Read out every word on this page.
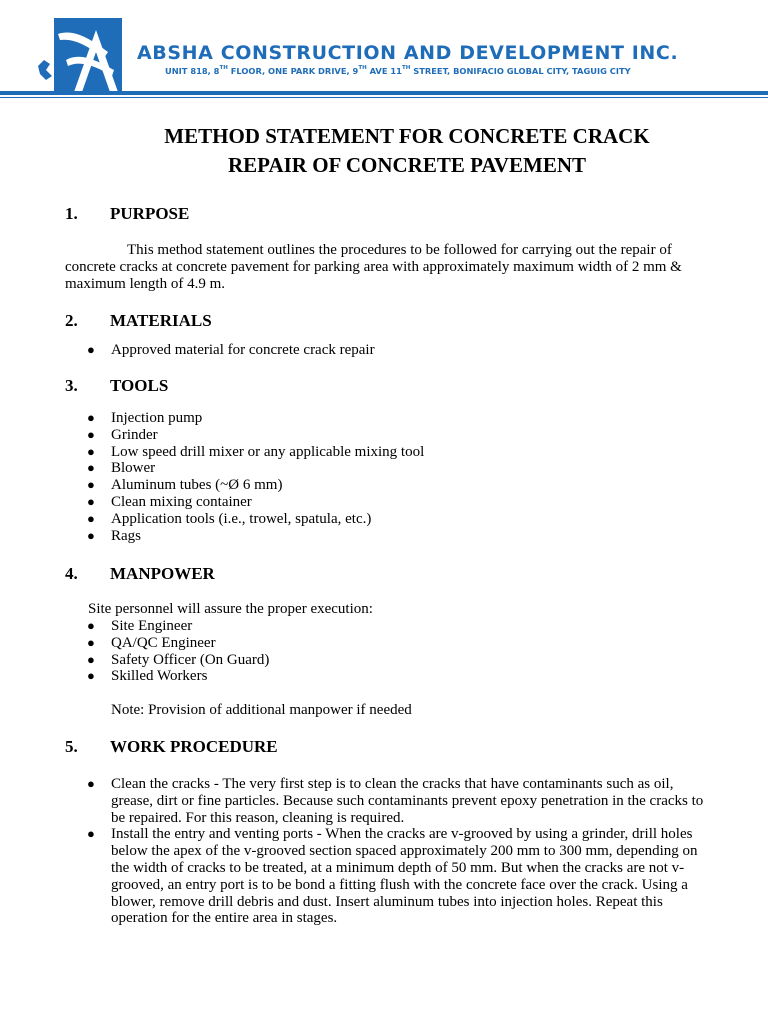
ABSHA CONSTRUCTION AND DEVELOPMENT INC.
UNIT 818, 8TH FLOOR, ONE PARK DRIVE, 9TH AVE 11TH STREET, BONIFACIO GLOBAL CITY, TAGUIG CITY
METHOD STATEMENT FOR CONCRETE CRACK
REPAIR OF CONCRETE PAVEMENT
1. PURPOSE
This method statement outlines the procedures to be followed for carrying out the repair of concrete cracks at concrete pavement for parking area with approximately maximum width of 2 mm & maximum length of 4.9 m.
2. MATERIALS
● Approved material for concrete crack repair
3. TOOLS
● Injection pump
● Grinder
● Low speed drill mixer or any applicable mixing tool
● Blower
● Aluminum tubes (~Ø 6 mm)
● Clean mixing container
● Application tools (i.e., trowel, spatula, etc.)
● Rags
4. MANPOWER
Site personnel will assure the proper execution:
● Site Engineer
● QA/QC Engineer
● Safety Officer (On Guard)
● Skilled Workers
Note: Provision of additional manpower if needed
5. WORK PROCEDURE
● Clean the cracks - The very first step is to clean the cracks that have contaminants such as oil, grease, dirt or fine particles. Because such contaminants prevent epoxy penetration in the cracks to be repaired. For this reason, cleaning is required.
● Install the entry and venting ports - When the cracks are v-grooved by using a grinder, drill holes below the apex of the v-grooved section spaced approximately 200 mm to 300 mm, depending on the width of cracks to be treated, at a minimum depth of 50 mm. But when the cracks are not v-grooved, an entry port is to be bond a fitting flush with the concrete face over the crack. Using a blower, remove drill debris and dust. Insert aluminum tubes into injection holes. Repeat this operation for the entire area in stages.
